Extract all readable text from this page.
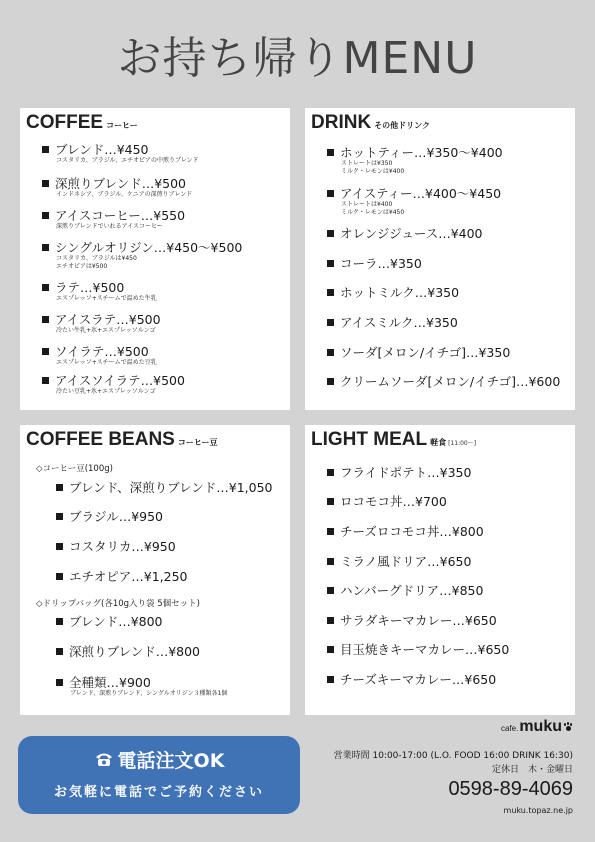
お持ち帰りMENU
COFFEE コーヒー
ブレンド…¥450
コスタリカ、ブラジル、エチオピアの中煎りブレンド
深煎りブレンド…¥500
インドネシア、ブラジル、ケニアの深煎りブレンド
アイスコーヒー…¥550
深煎りブレンドでいれるアイスコーヒー
シングルオリジン…¥450〜¥500
コスタリカ、ブラジルは¥450
エチオピアは¥500
ラテ…¥500
エスプレッソ+スチームで温めた牛乳
アイスラテ…¥500
冷たい牛乳+氷+エスプレッソルンゴ
ソイラテ…¥500
エスプレッソ+スチームで温めた豆乳
アイスソイラテ…¥500
冷たい豆乳+氷+エスプレッソルンゴ
DRINK その他ドリンク
ホットティー…¥350〜¥400
ストレートは¥350
ミルク・レモンは¥400
アイスティー…¥400〜¥450
ストレートは¥400
ミルク・レモンは¥450
オレンジジュース…¥400
コーラ…¥350
ホットミルク…¥350
アイスミルク…¥350
ソーダ[メロン/イチゴ]…¥350
クリームソーダ[メロン/イチゴ]…¥600
COFFEE BEANS コーヒー豆
◇コーヒー豆(100g)
◇ドリップバッグ(各10g入り袋 5個セット)
ブレンド、深煎りブレンド…¥1,050
ブラジル…¥950
コスタリカ…¥950
エチオピア…¥1,250
ブレンド…¥800
深煎りブレンド…¥800
全種類…¥900
ブレンド、深煎りブレンド、シングルオリジン３種類各1個
LIGHT MEAL 軽食 [11:00〜]
フライドポテト…¥350
ロコモコ丼…¥700
チーズロコモコ丼…¥800
ミラノ風ドリア…¥650
ハンバーグドリア…¥850
サラダキーマカレー…¥650
目玉焼きキーマカレー…¥650
チーズキーマカレー…¥650
電話注文OK
お気軽に電話でご予約ください
cafe.muku
営業時間 10:00-17:00 (L.O. FOOD 16:00 DRINK 16:30)
定休日　木・金曜日
0598-89-4069
muku.topaz.ne.jp
